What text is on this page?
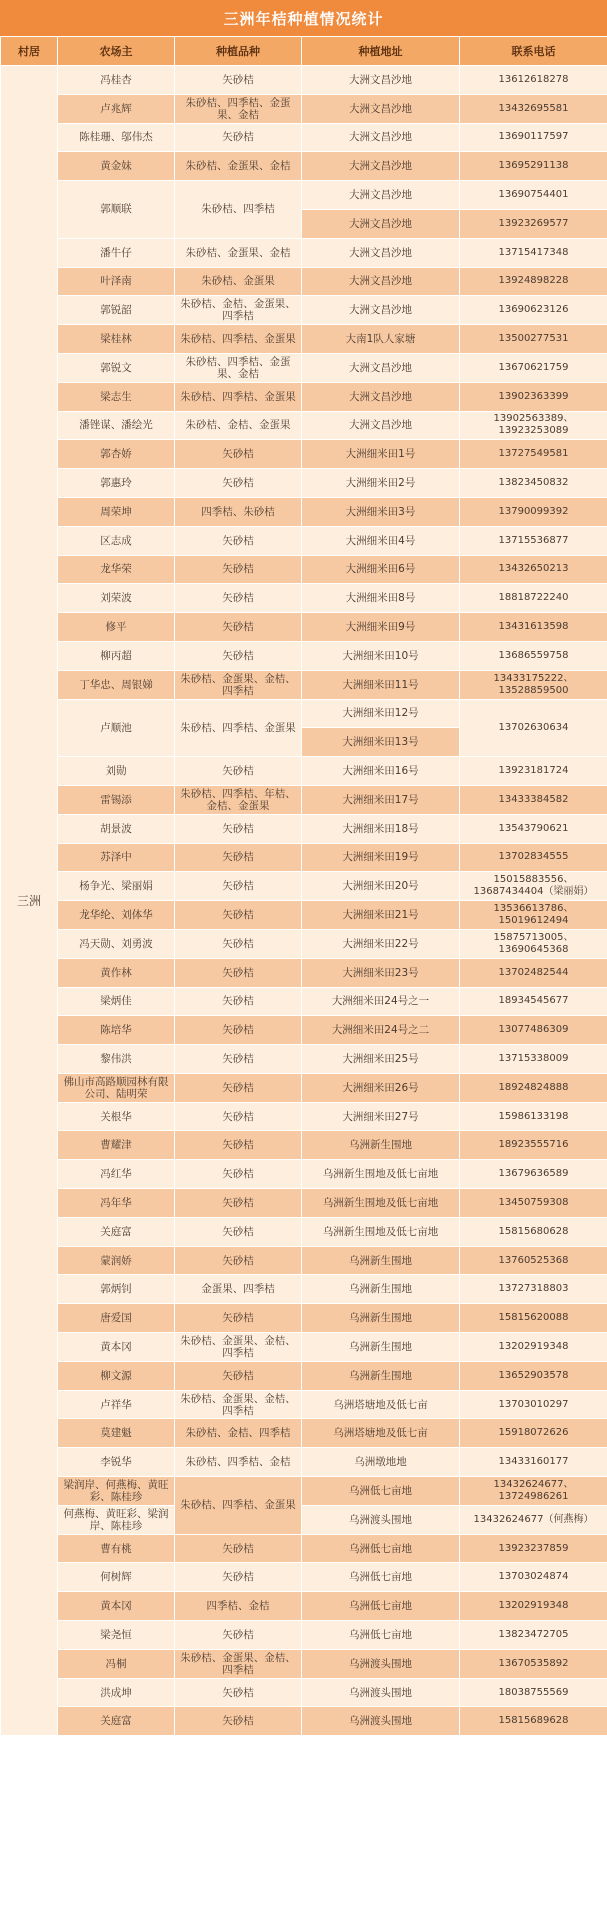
三洲年桔种植情况统计
村居	农场主	种植品种	种植地址	联系电话
三洲	冯桂杏	矢砂桔	大洲文昌沙地	13612618278
	卢兆辉	朱砂桔、四季桔、金蛋果、金桔	大洲文昌沙地	13432695581
	陈桂珊、邬伟杰	矢砂桔	大洲文昌沙地	13690117597
	黄金妹	朱砂桔、金蛋果、金桔	大洲文昌沙地	13695291138
	郭顺联	朱砂桔、四季桔	大洲文昌沙地	13690754401
			大洲文昌沙地	13923269577
	潘牛仔	朱砂桔、金蛋果、金桔	大洲文昌沙地	13715417348
	叶泽南	朱砂桔、金蛋果	大洲文昌沙地	13924898228
	郭锐韶	朱砂桔、金桔、金蛋果、四季桔	大洲文昌沙地	13690623126
	梁桂林	朱砂桔、四季桔、金蛋果	大南1队人家塘	13500277531
	郭锐文	朱砂桔、四季桔、金蛋果、金桔	大洲文昌沙地	13670621759
	梁志生	朱砂桔、四季桔、金蛋果	大洲文昌沙地	13902363399
	潘锉谋、潘绘光	朱砂桔、金桔、金蛋果	大洲文昌沙地	13902563389、13923253089
	郭杏娇	矢砂桔	大洲细米田1号	13727549581
	郭惠玲	矢砂桔	大洲细米田2号	13823450832
	周荣坤	四季桔、朱砂桔	大洲细米田3号	13790099392
	区志成	矢砂桔	大洲细米田4号	13715536877
	龙华荣	矢砂桔	大洲细米田6号	13432650213
	刘荣波	矢砂桔	大洲细米田8号	18818722240
	修平	矢砂桔	大洲细米田9号	13431613598
	柳丙超	矢砂桔	大洲细米田10号	13686559758
	丁华忠、周银娣	朱砂桔、金蛋果、金桔、四季桔	大洲细米田11号	13433175222、13528859500
	卢顺池	朱砂桔、四季桔、金蛋果	大洲细米田12号	13702630634
			大洲细米田13号	
	刘勋	矢砂桔	大洲细米田16号	13923181724
	雷锡添	朱砂桔、四季桔、年桔、金桔、金蛋果	大洲细米田17号	13433384582
	胡景波	矢砂桔	大洲细米田18号	13543790621
	苏泽中	矢砂桔	大洲细米田19号	13702834555
	杨争光、梁丽娟	矢砂桔	大洲细米田20号	15015883556、13687434404（梁丽娟）
	龙华纶、刘体华	矢砂桔	大洲细米田21号	13536613786、15019612494
	冯天勋、刘勇波	矢砂桔	大洲细米田22号	15875713005、13690645368
	黄作林	矢砂桔	大洲细米田23号	13702482544
	梁炳佳	矢砂桔	大洲细米田24号之一	18934545677
	陈培华	矢砂桔	大洲细米田24号之二	13077486309
	黎伟洪	矢砂桔	大洲细米田25号	13715338009
	佛山市高路顺园林有限公司、陆明荣	矢砂桔	大洲细米田26号	18924824888
	关根华	矢砂桔	大洲细米田27号	15986133198
	曹耀津	矢砂桔	乌洲新生围地	18923555716
	冯红华	矢砂桔	乌洲新生围地及低七亩地	13679636589
	冯年华	矢砂桔	乌洲新生围地及低七亩地	13450759308
	关庭富	矢砂桔	乌洲新生围地及低七亩地	15815680628
	蒙润娇	矢砂桔	乌洲新生围地	13760525368
	郭炳钊	金蛋果、四季桔	乌洲新生围地	13727318803
	唐爱国	矢砂桔	乌洲新生围地	15815620088
	黄本冈	朱砂桔、金蛋果、金桔、四季桔	乌洲新生围地	13202919348
	柳文源	矢砂桔	乌洲新生围地	13652903578
	卢祥华	朱砂桔、金蛋果、金桔、四季桔	乌洲塔塘地及低七亩	13703010297
	莫建魁	朱砂桔、金桔、四季桔	乌洲塔塘地及低七亩	15918072626
	李锐华	朱砂桔、四季桔、金桔	乌洲墩地地	13433160177
	梁润岸、何燕梅、黄旺彩、陈桂珍	朱砂桔、四季桔、金蛋果	乌洲低七亩地	13432624677、13724986261
	何燕梅、黄旺彩、梁润岸、陈桂珍		乌洲渡头围地	13432624677（何燕梅）
	曹有桃	矢砂桔	乌洲低七亩地	13923237859
	何树辉	矢砂桔	乌洲低七亩地	13703024874
	黄本冈	四季桔、金桔	乌洲低七亩地	13202919348
	梁尧恒	矢砂桔	乌洲低七亩地	13823472705
	冯桐	朱砂桔、金蛋果、金桔、四季桔	乌洲渡头围地	13670535892
	洪成坤	矢砂桔	乌洲渡头围地	18038755569
	关庭富	矢砂桔	乌洲渡头围地	15815689628
